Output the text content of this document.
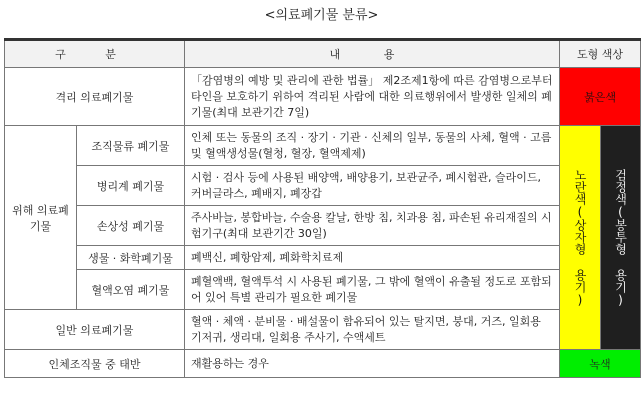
<의료폐기물 분류>
구 분		내 용	도형 색상	
격리 의료폐기물		「감염병의 예방 및 관리에 관한 법률」 제2조제1항에 따른 감염병으로부터 타인을 보호하기 위하여 격리된 사람에 대한 의료행위에서 발생한 일체의 폐기물(최대 보관기간 7일)	붉은색	
위해 의료폐기물	조직물류 폐기물	인체 또는 동물의 조직 · 장기 · 기관 · 신체의 일부, 동물의 사체, 혈액 · 고름 및 혈액생성물(혈청, 혈장, 혈액제제)	노란색(상자형 용기)	검정색(봉투형 용기)

	병리계 폐기물	시험 · 검사 등에 사용된 배양액, 배양용기, 보관균주, 폐시험관, 슬라이드, 커버글라스, 폐배지, 폐장갑		
	손상성 폐기물	주사바늘, 봉합바늘, 수술용 칼날, 한방 침, 치과용 침, 파손된 유리재질의 시험기구(최대 보관기간 30일)		
	생물 · 화학폐기물	폐백신, 폐항암제, 폐화학치료제		
	혈액오염 폐기물	폐혈액백, 혈액투석 시 사용된 폐기물, 그 밖에 혈액이 유출될 정도로 포함되어 있어 특별 관리가 필요한 폐기물		
일반 의료폐기물		혈액 · 체액 · 분비물 · 배설물이 함유되어 있는 탈지면, 붕대, 거즈, 일회용 기저귀, 생리대, 일회용 주사기, 수액세트		
인체조직물 중 태반		재활용하는 경우	녹색	
